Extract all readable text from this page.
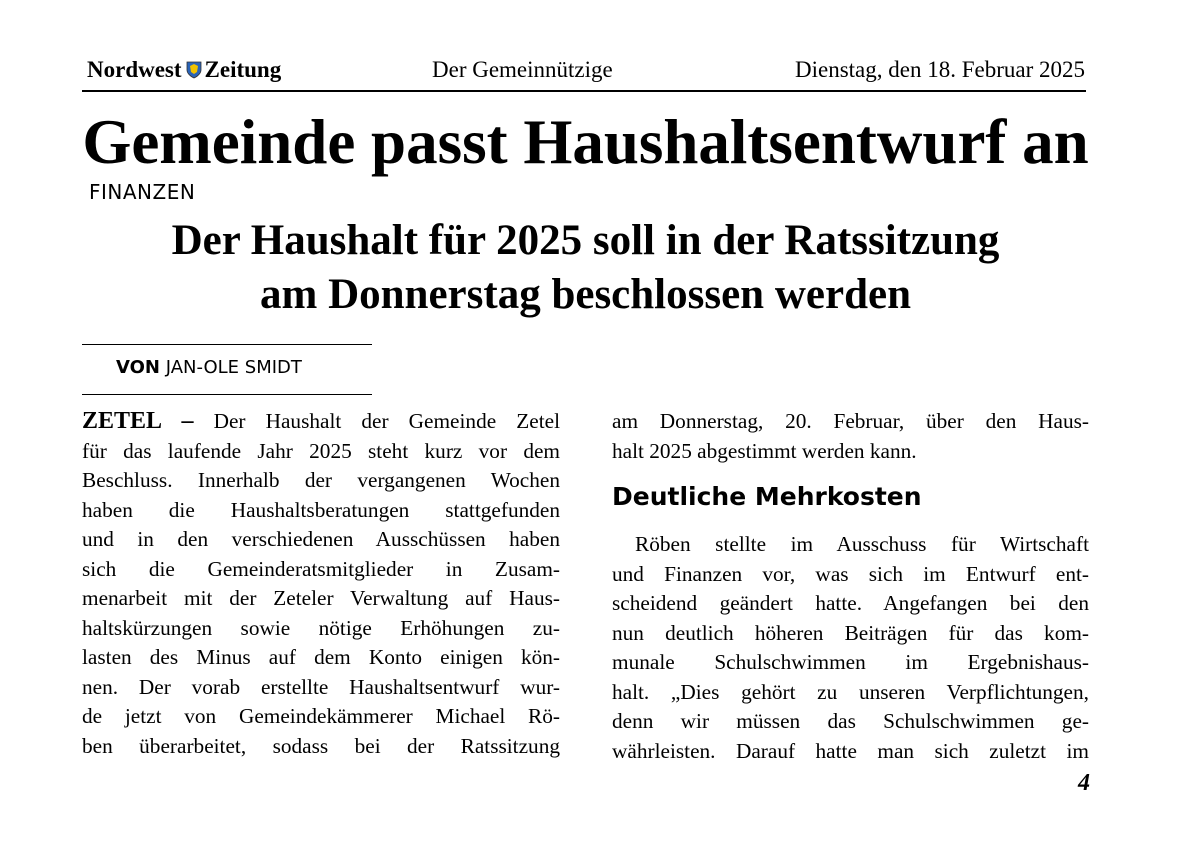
Nordwest Zeitung	Der Gemeinnützige	Dienstag, den 18. Februar 2025
Gemeinde passt Haushaltsentwurf an
FINANZEN
Der Haushalt für 2025 soll in der Ratssitzung
am Donnerstag beschlossen werden
VON JAN-OLE SMIDT
ZETEL – Der Haushalt der Gemeinde Zetel
für das laufende Jahr 2025 steht kurz vor dem
Beschluss. Innerhalb der vergangenen Wochen
haben die Haushaltsberatungen stattgefunden
und in den verschiedenen Ausschüssen haben
sich die Gemeinderatsmitglieder in Zusam-
menarbeit mit der Zeteler Verwaltung auf Haus-
haltskürzungen sowie nötige Erhöhungen zu-
lasten des Minus auf dem Konto einigen kön-
nen. Der vorab erstellte Haushaltsentwurf wur-
de jetzt von Gemeindekämmerer Michael Rö-
ben überarbeitet, sodass bei der Ratssitzung
am Donnerstag, 20. Februar, über den Haus-
halt 2025 abgestimmt werden kann.
Deutliche Mehrkosten
Röben stellte im Ausschuss für Wirtschaft
und Finanzen vor, was sich im Entwurf ent-
scheidend geändert hatte. Angefangen bei den
nun deutlich höheren Beiträgen für das kom-
munale Schulschwimmen im Ergebnishaus-
halt. „Dies gehört zu unseren Verpflichtungen,
denn wir müssen das Schulschwimmen ge-
währleisten. Darauf hatte man sich zuletzt im
4
